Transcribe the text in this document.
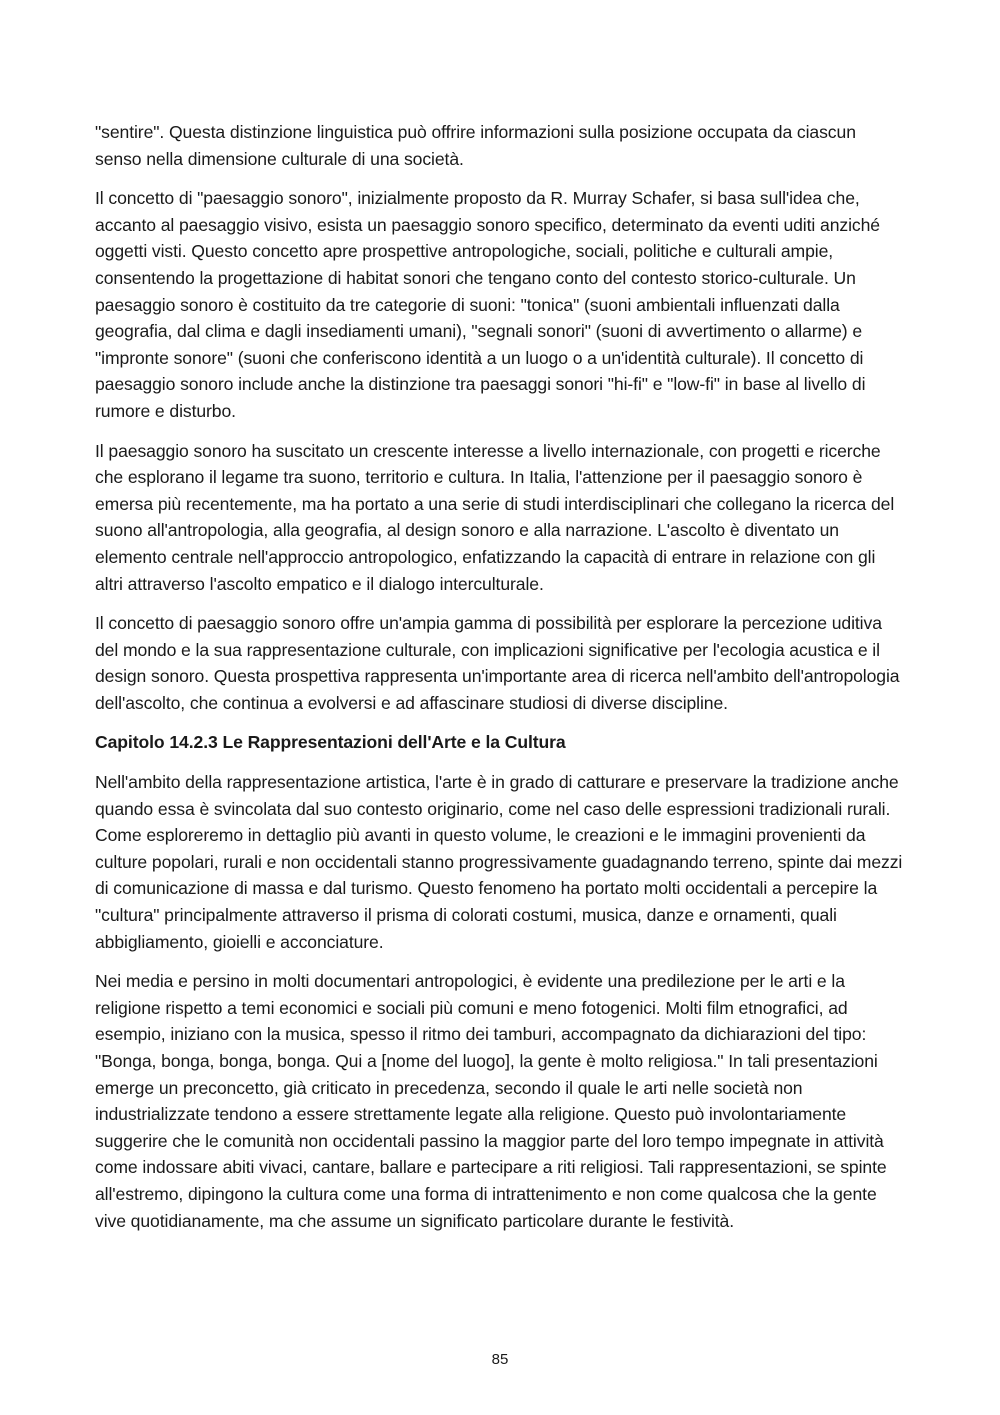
"sentire". Questa distinzione linguistica può offrire informazioni sulla posizione occupata da ciascun senso nella dimensione culturale di una società.

Il concetto di "paesaggio sonoro", inizialmente proposto da R. Murray Schafer, si basa sull'idea che, accanto al paesaggio visivo, esista un paesaggio sonoro specifico, determinato da eventi uditi anziché oggetti visti. Questo concetto apre prospettive antropologiche, sociali, politiche e culturali ampie, consentendo la progettazione di habitat sonori che tengano conto del contesto storico-culturale. Un paesaggio sonoro è costituito da tre categorie di suoni: "tonica" (suoni ambientali influenzati dalla geografia, dal clima e dagli insediamenti umani), "segnali sonori" (suoni di avvertimento o allarme) e "impronte sonore" (suoni che conferiscono identità a un luogo o a un'identità culturale). Il concetto di paesaggio sonoro include anche la distinzione tra paesaggi sonori "hi-fi" e "low-fi" in base al livello di rumore e disturbo.

Il paesaggio sonoro ha suscitato un crescente interesse a livello internazionale, con progetti e ricerche che esplorano il legame tra suono, territorio e cultura. In Italia, l'attenzione per il paesaggio sonoro è emersa più recentemente, ma ha portato a una serie di studi interdisciplinari che collegano la ricerca del suono all'antropologia, alla geografia, al design sonoro e alla narrazione. L'ascolto è diventato un elemento centrale nell'approccio antropologico, enfatizzando la capacità di entrare in relazione con gli altri attraverso l'ascolto empatico e il dialogo interculturale.

Il concetto di paesaggio sonoro offre un'ampia gamma di possibilità per esplorare la percezione uditiva del mondo e la sua rappresentazione culturale, con implicazioni significative per l'ecologia acustica e il design sonoro. Questa prospettiva rappresenta un'importante area di ricerca nell'ambito dell'antropologia dell'ascolto, che continua a evolversi e ad affascinare studiosi di diverse discipline.

Capitolo 14.2.3 Le Rappresentazioni dell'Arte e la Cultura

Nell'ambito della rappresentazione artistica, l'arte è in grado di catturare e preservare la tradizione anche quando essa è svincolata dal suo contesto originario, come nel caso delle espressioni tradizionali rurali. Come esploreremo in dettaglio più avanti in questo volume, le creazioni e le immagini provenienti da culture popolari, rurali e non occidentali stanno progressivamente guadagnando terreno, spinte dai mezzi di comunicazione di massa e dal turismo. Questo fenomeno ha portato molti occidentali a percepire la "cultura" principalmente attraverso il prisma di colorati costumi, musica, danze e ornamenti, quali abbigliamento, gioielli e acconciature.

Nei media e persino in molti documentari antropologici, è evidente una predilezione per le arti e la religione rispetto a temi economici e sociali più comuni e meno fotogenici. Molti film etnografici, ad esempio, iniziano con la musica, spesso il ritmo dei tamburi, accompagnato da dichiarazioni del tipo: "Bonga, bonga, bonga, bonga. Qui a [nome del luogo], la gente è molto religiosa." In tali presentazioni emerge un preconcetto, già criticato in precedenza, secondo il quale le arti nelle società non industrializzate tendono a essere strettamente legate alla religione. Questo può involontariamente suggerire che le comunità non occidentali passino la maggior parte del loro tempo impegnate in attività come indossare abiti vivaci, cantare, ballare e partecipare a riti religiosi. Tali rappresentazioni, se spinte all'estremo, dipingono la cultura come una forma di intrattenimento e non come qualcosa che la gente vive quotidianamente, ma che assume un significato particolare durante le festività.

85
